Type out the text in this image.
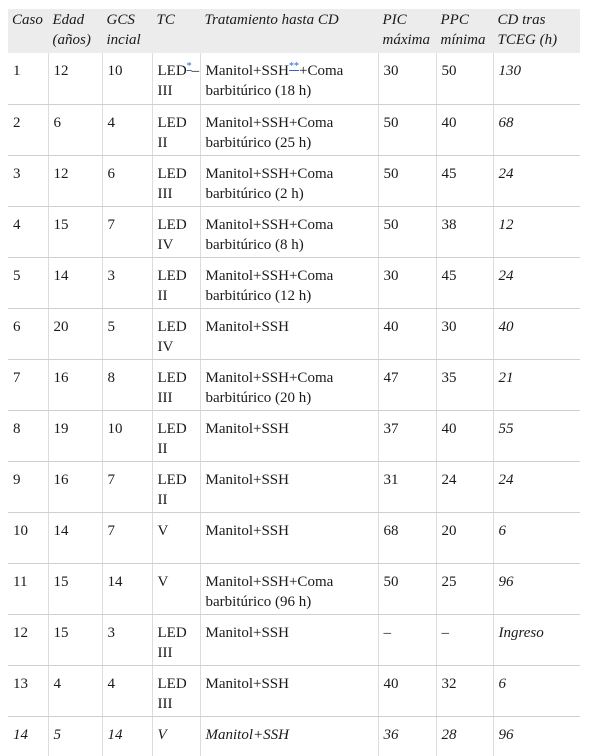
Caso	Edad (años)	GCS incial	TC	Tratamiento hasta CD	PIC máxima	PPC mínima	CD tras TCEG (h)
1	12	10	LED*–III	Manitol+SSH**+Coma barbitúrico (18 h)	30	50	130
2	6	4	LED II	Manitol+SSH+Coma barbitúrico (25 h)	50	40	68
3	12	6	LED III	Manitol+SSH+Coma barbitúrico (2 h)	50	45	24
4	15	7	LED IV	Manitol+SSH+Coma barbitúrico (8 h)	50	38	12
5	14	3	LED II	Manitol+SSH+Coma barbitúrico (12 h)	30	45	24
6	20	5	LED IV	Manitol+SSH	40	30	40
7	16	8	LED III	Manitol+SSH+Coma barbitúrico (20 h)	47	35	21
8	19	10	LED II	Manitol+SSH	37	40	55
9	16	7	LED II	Manitol+SSH	31	24	24
10	14	7	V	Manitol+SSH	68	20	6
11	15	14	V	Manitol+SSH+Coma barbitúrico (96 h)	50	25	96
12	15	3	LED III	Manitol+SSH	–	–	Ingreso
13	4	4	LED III	Manitol+SSH	40	32	6
14	5	14	V	Manitol+SSH	36	28	96
